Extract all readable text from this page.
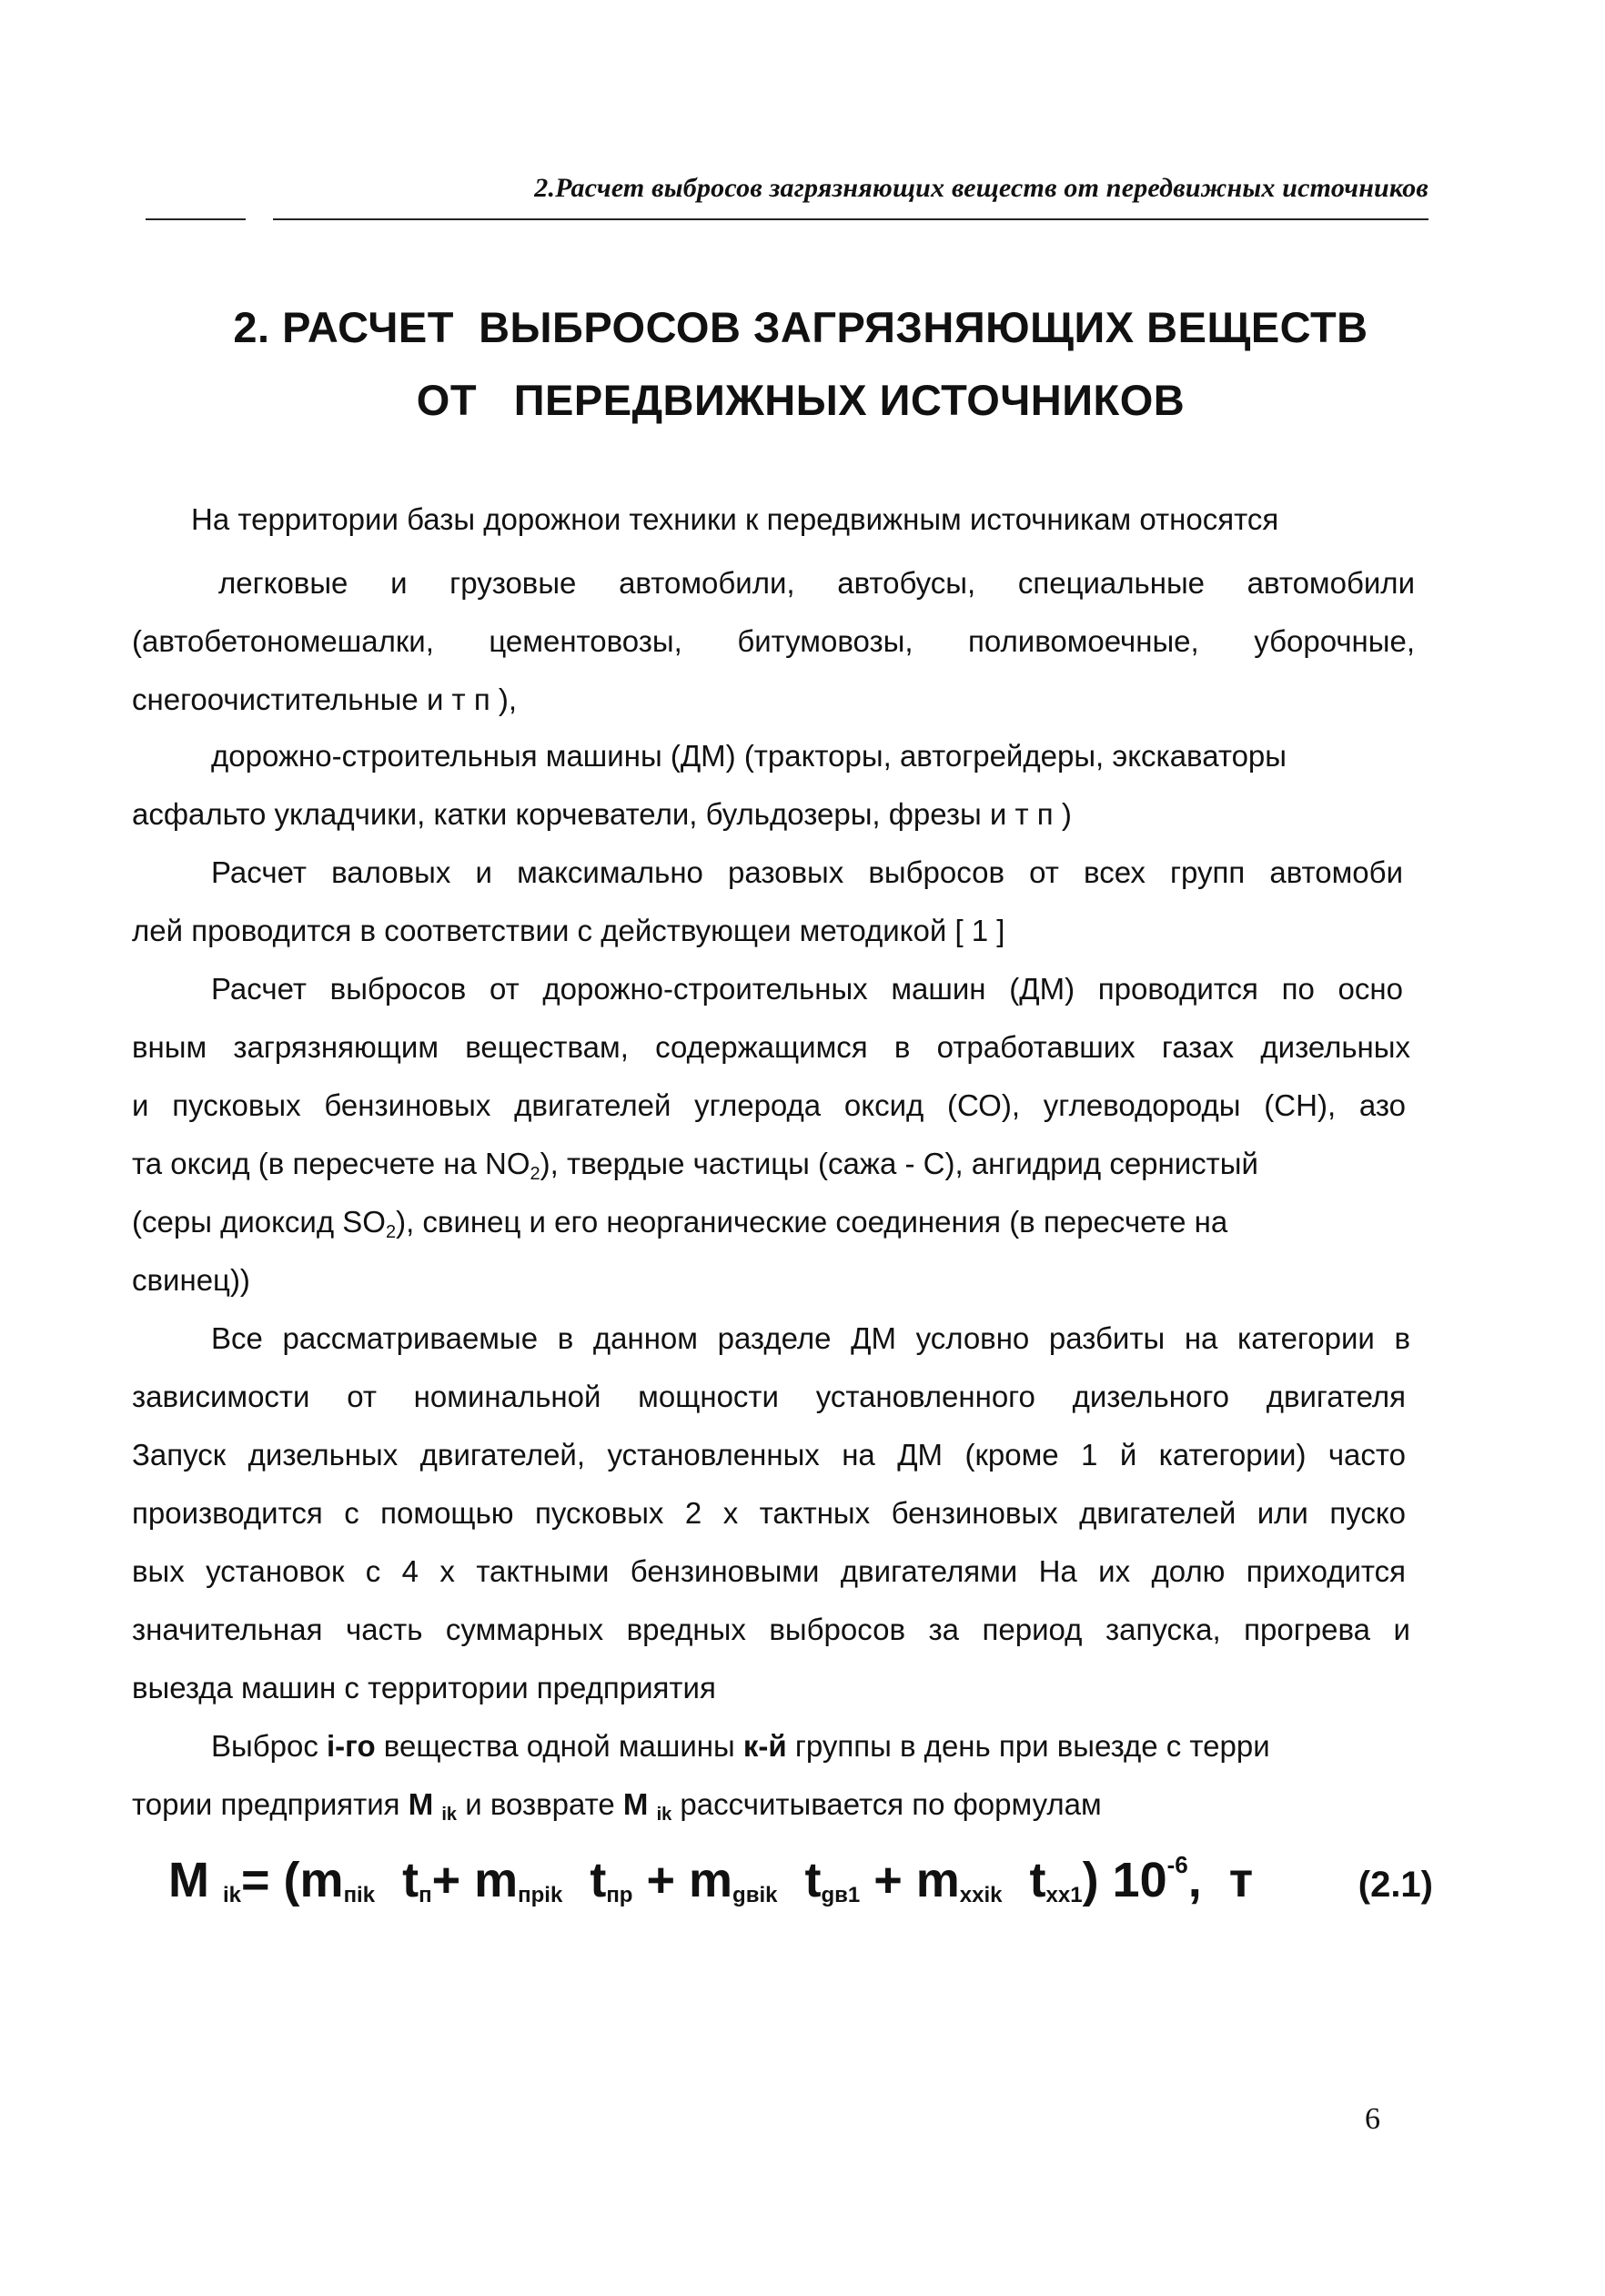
2.Расчет выбросов загрязняющих веществ от передвижных источников
2. РАСЧЕТ  ВЫБРОСОВ ЗАГРЯЗНЯЮЩИХ ВЕЩЕСТВ
ОТ   ПЕРЕДВИЖНЫХ ИСТОЧНИКОВ
На территории базы дорожнои техники к передвижным источникам относятся
легковые и грузовые автомобили, автобусы, специальные автомобили
(автобетономешалки, цементовозы, битумовозы, поливомоечные, уборочные,
снегоочистительные и т п ),
дорожно-строительныя машины (ДМ) (тракторы, автогрейдеры, экскаваторы
асфальто укладчики, катки корчеватели, бульдозеры, фрезы и т п )
Расчет валовых и максимально разовых выбросов от всех групп автомоби
лей проводится в соответствии с действующеи методикой [ 1 ]
Расчет выбросов от дорожно-строительных машин (ДМ) проводится по осно
вным загрязняющим веществам, содержащимся в отработавших газах дизельных
и пусковых бензиновых двигателей углерода оксид (СО), углеводороды (СН), азо
та оксид (в пересчете на NO2), твердые частицы (сажа - С), ангидрид сернистый
(серы диоксид SO2), свинец и его неорганические соединения (в пересчете на
свинец))
Все рассматриваемые в данном разделе ДМ условно разбиты на категории в
зависимости от номинальной мощности установленного дизельного двигателя
Запуск дизельных двигателей, установленных на ДМ (кроме 1 й категории) часто
производится с помощью пусковых 2 х тактных бензиновых двигателей или пуско
вых установок с 4 х тактными бензиновыми двигателями На их долю приходится
значительная часть суммарных вредных выбросов за период запуска, прогрева и
выезда машин с территории предприятия
Выброс i-го вещества одной машины к-й группы в день при выезде с терри
тории предприятия М ik и возврате М ik рассчитывается по формулам
М $_{ik}= (m_{пik}$  $t_п+ m_{прik}$  $t_{пр} + m_{gвik}$  $t_{gв1} + m_{xxik}$  $t_{xx1}$) $10^{-6}$,  т	(2.1)
6
